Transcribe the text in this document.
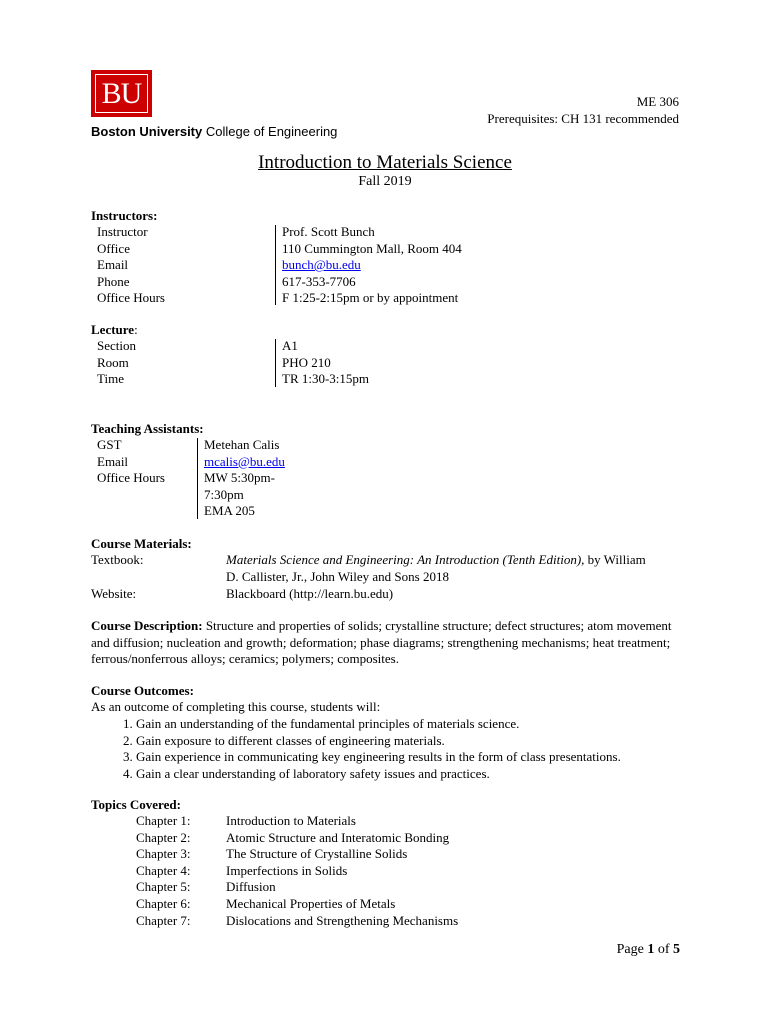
BU
Boston University College of Engineering
ME 306
Prerequisites: CH 131 recommended
Introduction to Materials Science
Fall 2019
Instructors:
Instructor
Office
Email
Phone
Office Hours
Prof. Scott Bunch
110 Cummington Mall, Room 404
bunch@bu.edu
617-353-7706
F 1:25-2:15pm or by appointment
Lecture:
Section
Room
Time
A1
PHO 210
TR 1:30-3:15pm
Teaching Assistants:
GST
Email
Office Hours
Metehan Calis
mcalis@bu.edu
MW 5:30pm-
7:30pm
EMA 205
Course Materials:
Textbook:	Materials Science and Engineering: An Introduction (Tenth Edition), by William
D. Callister, Jr., John Wiley and Sons 2018
Website:	Blackboard (http://learn.bu.edu)
Course Description: Structure and properties of solids; crystalline structure; defect structures; atom movement and diffusion; nucleation and growth; deformation; phase diagrams; strengthening mechanisms; heat treatment; ferrous/nonferrous alloys; ceramics; polymers; composites.
Course Outcomes:
As an outcome of completing this course, students will:
1. Gain an understanding of the fundamental principles of materials science.
2. Gain exposure to different classes of engineering materials.
3. Gain experience in communicating key engineering results in the form of class presentations.
4. Gain a clear understanding of laboratory safety issues and practices.
Topics Covered:
Chapter 1:
Chapter 2:
Chapter 3:
Chapter 4:
Chapter 5:
Chapter 6:
Chapter 7:
Introduction to Materials
Atomic Structure and Interatomic Bonding
The Structure of Crystalline Solids
Imperfections in Solids
Diffusion
Mechanical Properties of Metals
Dislocations and Strengthening Mechanisms
Page 1 of 5
